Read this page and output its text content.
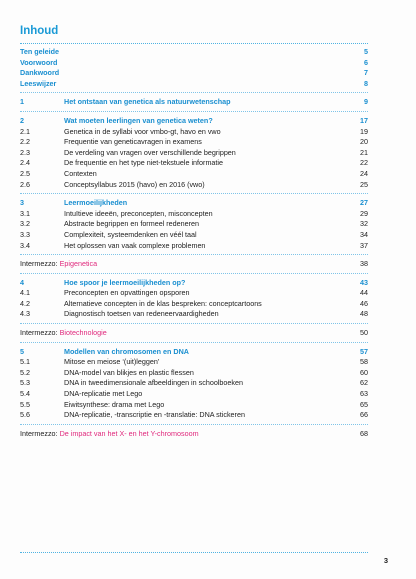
Inhoud
Ten geleide	5
Voorwoord	6
Dankwoord	7
Leeswijzer	8
1	Het ontstaan van genetica als natuurwetenschap	9
2	Wat moeten leerlingen van genetica weten?	17
2.1	Genetica in de syllabi voor vmbo-gt, havo en vwo	19
2.2	Frequentie van geneticavragen in examens	20
2.3	De verdeling van vragen over verschillende begrippen	21
2.4	De frequentie en het type niet-tekstuele informatie	22
2.5	Contexten	24
2.6	Conceptsyllabus 2015 (havo) en 2016 (vwo)	25
3	Leermoeilijkheden	27
3.1	Intuïtieve ideeën, preconcepten, misconcepten	29
3.2	Abstracte begrippen en formeel redeneren	32
3.3	Complexiteit, systeemdenken en véél taal	34
3.4	Het oplossen van vaak complexe problemen	37
Intermezzo: Epigenetica	38
4	Hoe spoor je leermoeilijkheden op?	43
4.1	Preconcepten en opvattingen opsporen	44
4.2	Alternatieve concepten in de klas bespreken: conceptcartoons	46
4.3	Diagnostisch toetsen van redeneervaardigheden	48
Intermezzo: Biotechnologie	50
5	Modellen van chromosomen en DNA	57
5.1	Mitose en meiose ‘(uit)leggen’	58
5.2	DNA-model van blikjes en plastic flessen	60
5.3	DNA in tweedimensionale afbeeldingen in schoolboeken	62
5.4	DNA-replicatie met Lego	63
5.5	Eiwitsynthese: drama met Lego	65
5.6	DNA-replicatie, -transcriptie en -translatie: DNA stickeren	66
Intermezzo: De impact van het X- en het Y-chromosoom	68
3
